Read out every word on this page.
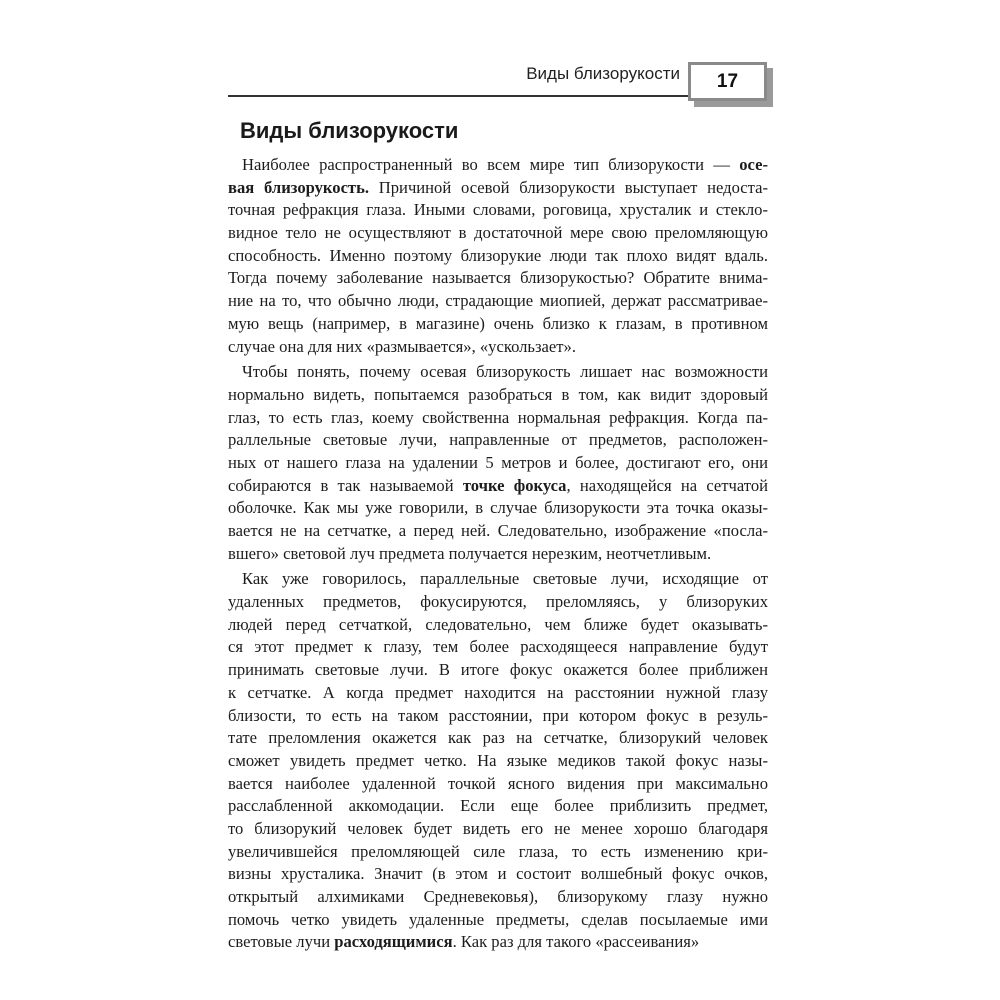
Виды близорукости 17
Виды близорукости
Наиболее распространенный во всем мире тип близорукости — осе-
вая близорукость. Причиной осевой близорукости выступает недоста-
точная рефракция глаза. Иными словами, роговица, хрусталик и стекло-
видное тело не осуществляют в достаточной мере свою преломляющую
способность. Именно поэтому близорукие люди так плохо видят вдаль.
Тогда почему заболевание называется близорукостью? Обратите внима-
ние на то, что обычно люди, страдающие миопией, держат рассматривае-
мую вещь (например, в магазине) очень близко к глазам, в противном
случае она для них «размывается», «ускользает».
Чтобы понять, почему осевая близорукость лишает нас возможности
нормально видеть, попытаемся разобраться в том, как видит здоровый
глаз, то есть глаз, коему свойственна нормальная рефракция. Когда па-
раллельные световые лучи, направленные от предметов, расположен-
ных от нашего глаза на удалении 5 метров и более, достигают его, они
собираются в так называемой точке фокуса, находящейся на сетчатой
оболочке. Как мы уже говорили, в случае близорукости эта точка оказы-
вается не на сетчатке, а перед ней. Следовательно, изображение «посла-
вшего» световой луч предмета получается нерезким, неотчетливым.
Как уже говорилось, параллельные световые лучи, исходящие от
удаленных предметов, фокусируются, преломляясь, у близоруких
людей перед сетчаткой, следовательно, чем ближе будет оказывать-
ся этот предмет к глазу, тем более расходящееся направление будут
принимать световые лучи. В итоге фокус окажется более приближен
к сетчатке. А когда предмет находится на расстоянии нужной глазу
близости, то есть на таком расстоянии, при котором фокус в резуль-
тате преломления окажется как раз на сетчатке, близорукий человек
сможет увидеть предмет четко. На языке медиков такой фокус назы-
вается наиболее удаленной точкой ясного видения при максимально
расслабленной аккомодации. Если еще более приблизить предмет,
то близорукий человек будет видеть его не менее хорошо благодаря
увеличившейся преломляющей силе глаза, то есть изменению кри-
визны хрусталика. Значит (в этом и состоит волшебный фокус очков,
открытый алхимиками Средневековья), близорукому глазу нужно
помочь четко увидеть удаленные предметы, сделав посылаемые ими
световые лучи расходящимися. Как раз для такого «рассеивания»
